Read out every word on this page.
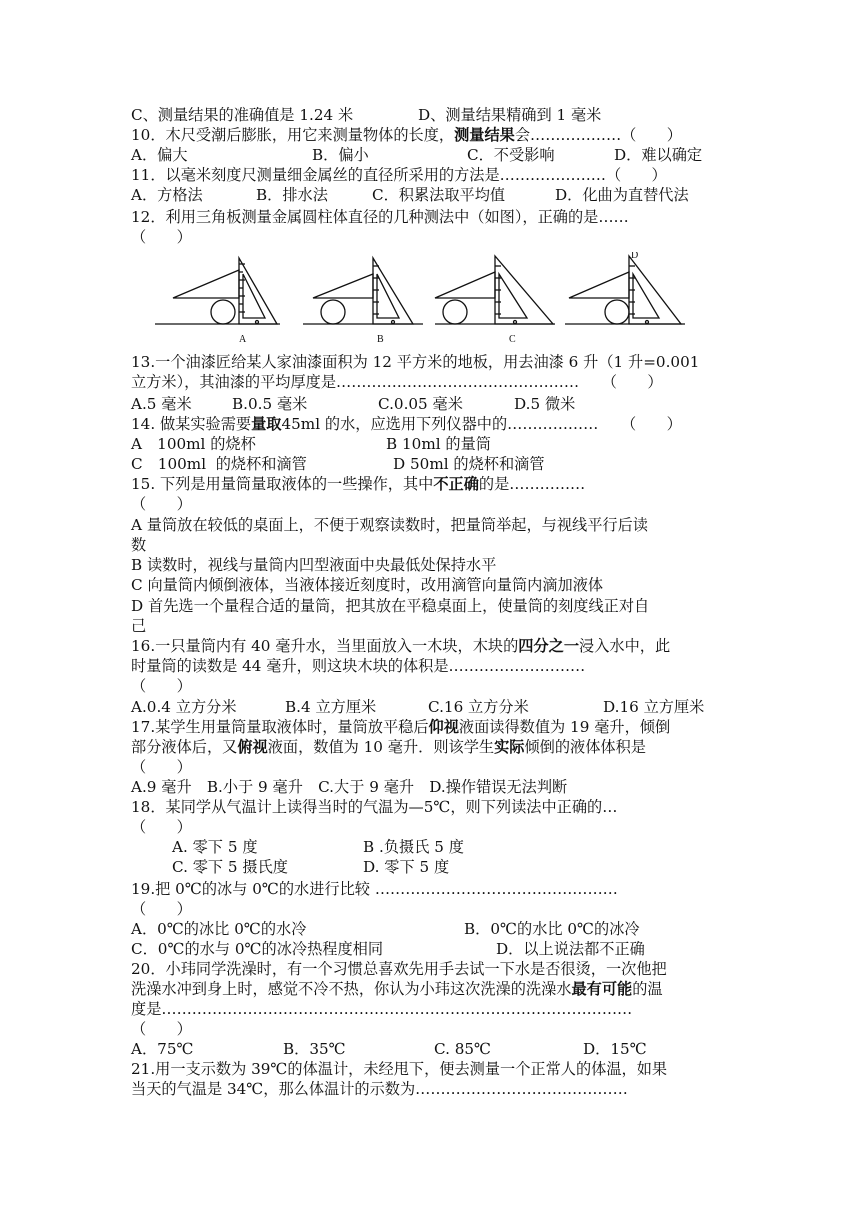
C、测量结果的准确值是 1.24 米	D、测量结果精确到 1 毫米
10．木尺受潮后膨胀，用它来测量物体的长度，测量结果会………………（　　）
A．偏大	B．偏小	C．不受影响	D．难以确定
11．以毫米刻度尺测量细金属丝的直径所采用的方法是…………………（　　）
A．方格法	B．排水法	C．积累法取平均值	D．化曲为直替代法
12．利用三角板测量金属圆柱体直径的几种测法中（如图），正确的是……
（　　）
A	B	C
D
13.一个油漆匠给某人家油漆面积为 12 平方米的地板，用去油漆 6 升（1 升=0.001
立方米），其油漆的平均厚度是…………………………………………　　（　　）
A.5 毫米	B.0.5 毫米	C.0.05 毫米	D.5 微米
14. 做某实验需要量取45ml 的水，应选用下列仪器中的………………　　（　　）
A　100ml 的烧杯	B 10ml 的量筒
C　100ml  的烧杯和滴管	D 50ml 的烧杯和滴管
15. 下列是用量筒量取液体的一些操作，其中不正确的是……………
（　　）
A 量筒放在较低的桌面上，不便于观察读数时，把量筒举起，与视线平行后读
数
B 读数时，视线与量筒内凹型液面中央最低处保持水平
C 向量筒内倾倒液体，当液体接近刻度时，改用滴管向量筒内滴加液体
D 首先选一个量程合适的量筒，把其放在平稳桌面上，使量筒的刻度线正对自
己
16.一只量筒内有 40 毫升水，当里面放入一木块，木块的四分之一浸入水中，此
时量筒的读数是 44 毫升，则这块木块的体积是………………………
（　　）
A.0.4 立方分米	B.4 立方厘米	C.16 立方分米	D.16 立方厘米
17.某学生用量筒量取液体时，量筒放平稳后仰视液面读得数值为 19 毫升，倾倒
部分液体后，又俯视液面，数值为 10 毫升．则该学生实际倾倒的液体体积是
（　　）
A.9 毫升　B.小于 9 毫升　C.大于 9 毫升　D.操作错误无法判断
18．某同学从气温计上读得当时的气温为—5℃，则下列读法中正确的…
（　　）
A. 零下 5 度	B .负摄氏 5 度
C. 零下 5 摄氏度	D. 零下 5 度
19.把 0℃的冰与 0℃的水进行比较 …………………………………………
（　　）
A．0℃的冰比 0℃的水冷	B．0℃的水比 0℃的冰冷
C．0℃的水与 0℃的冰冷热程度相同	D．以上说法都不正确
20．小玮同学洗澡时，有一个习惯总喜欢先用手去试一下水是否很烫，一次他把
洗澡水冲到身上时，感觉不冷不热，你认为小玮这次洗澡的洗澡水最有可能的温
度是…………………………………………………………………………………
（　　）
A．75℃	B．35℃	C. 85℃	D．15℃
21.用一支示数为 39℃的体温计，未经甩下，便去测量一个正常人的体温，如果
当天的气温是 34℃，那么体温计的示数为……………………………………
